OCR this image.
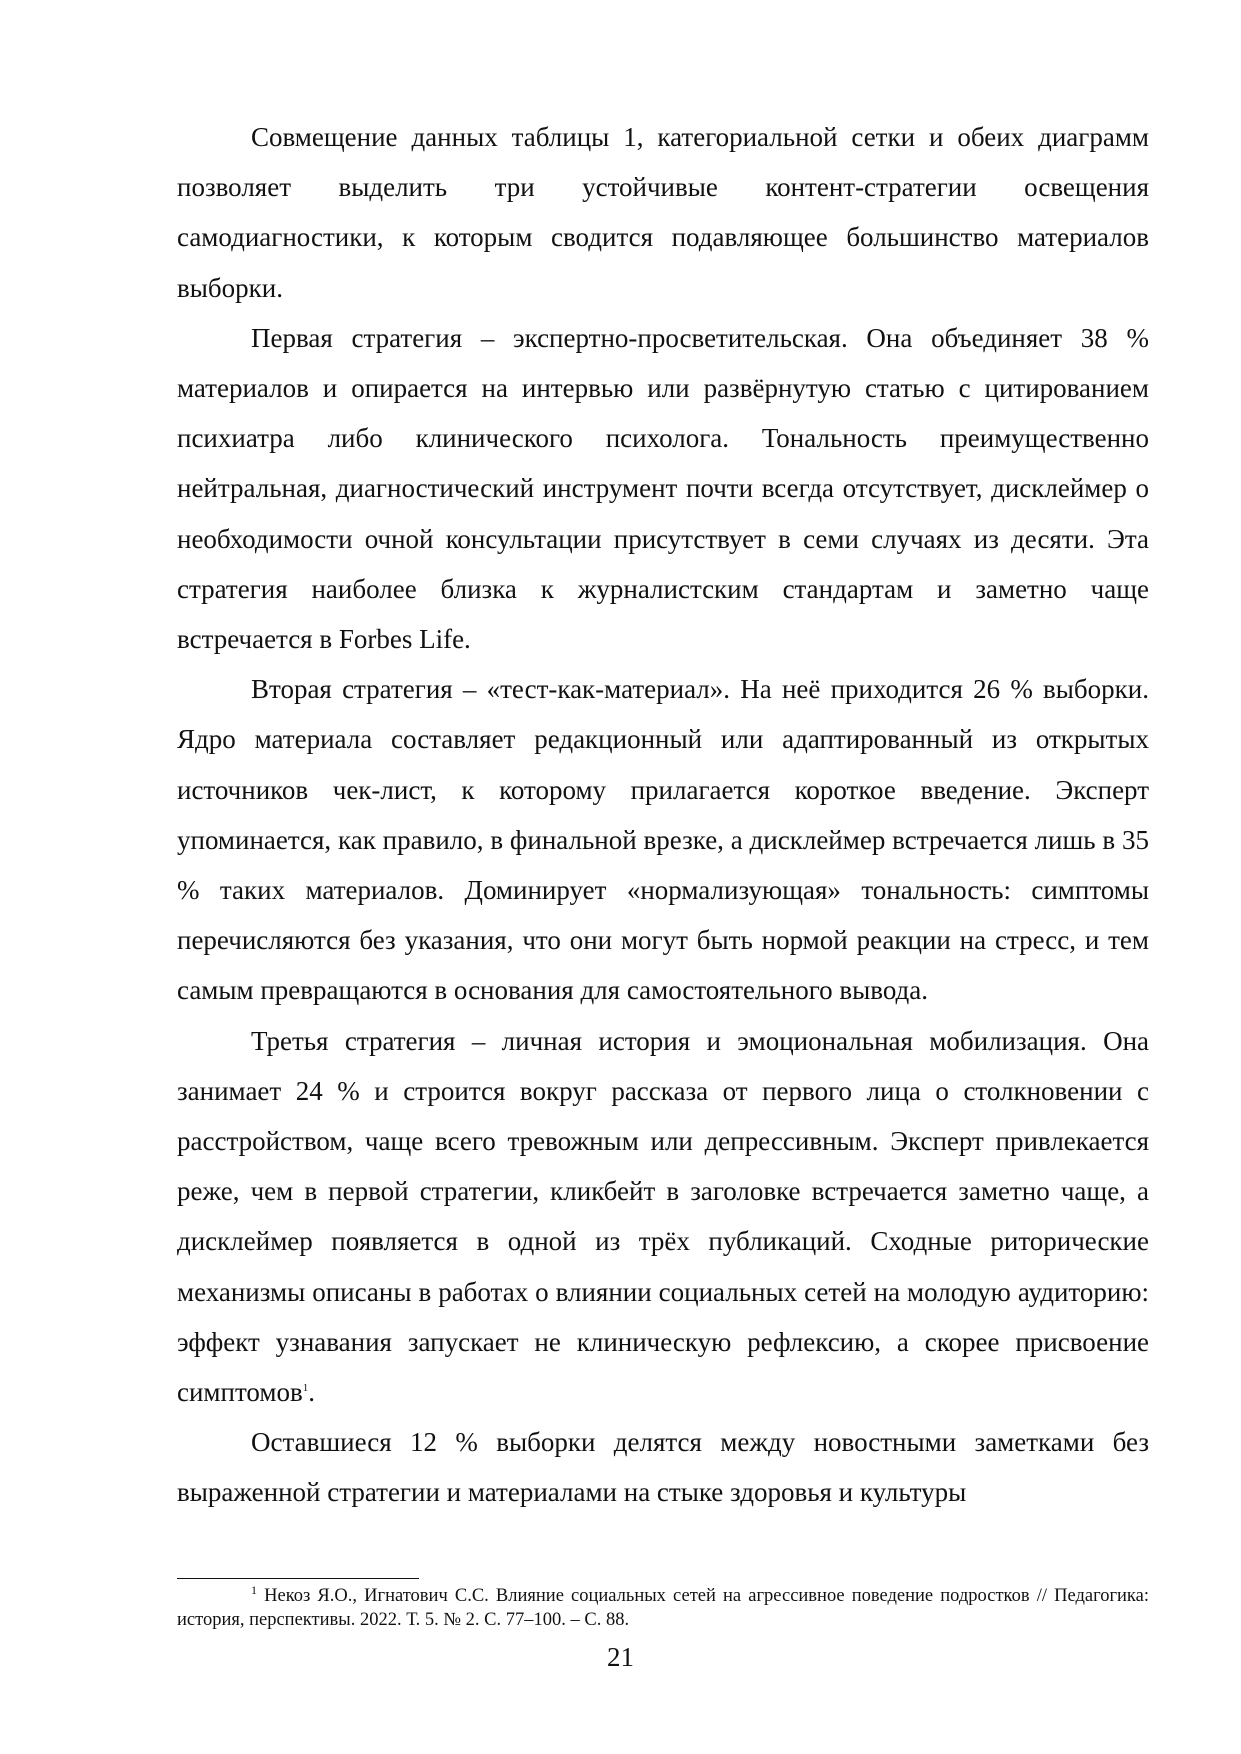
Совмещение данных таблицы 1, категориальной сетки и обеих диаграмм позволяет выделить три устойчивые контент-стратегии освещения самодиагностики, к которым сводится подавляющее большинство материалов выборки.

Первая стратегия – экспертно-просветительская. Она объединяет 38 % материалов и опирается на интервью или развёрнутую статью с цитированием психиатра либо клинического психолога. Тональность преимущественно нейтральная, диагностический инструмент почти всегда отсутствует, дисклеймер о необходимости очной консультации присутствует в семи случаях из десяти. Эта стратегия наиболее близка к журналистским стандартам и заметно чаще встречается в Forbes Life.

Вторая стратегия – «тест-как-материал». На неё приходится 26 % выборки. Ядро материала составляет редакционный или адаптированный из открытых источников чек-лист, к которому прилагается короткое введение. Эксперт упоминается, как правило, в финальной врезке, а дисклеймер встречается лишь в 35 % таких материалов. Доминирует «нормализующая» тональность: симптомы перечисляются без указания, что они могут быть нормой реакции на стресс, и тем самым превращаются в основания для самостоятельного вывода.

Третья стратегия – личная история и эмоциональная мобилизация. Она занимает 24 % и строится вокруг рассказа от первого лица о столкновении с расстройством, чаще всего тревожным или депрессивным. Эксперт привлекается реже, чем в первой стратегии, кликбейт в заголовке встречается заметно чаще, а дисклеймер появляется в одной из трёх публикаций. Сходные риторические механизмы описаны в работах о влиянии социальных сетей на молодую аудиторию: эффект узнавания запускает не клиническую рефлексию, а скорее присвоение симптомов$^1$.

Оставшиеся 12 % выборки делятся между новостными заметками без выраженной стратегии и материалами на стыке здоровья и культуры

$^1$ Некоз Я.О., Игнатович С.С. Влияние социальных сетей на агрессивное поведение подростков // Педагогика: история, перспективы. 2022. Т. 5. № 2. С. 77–100. – С. 88.
21
